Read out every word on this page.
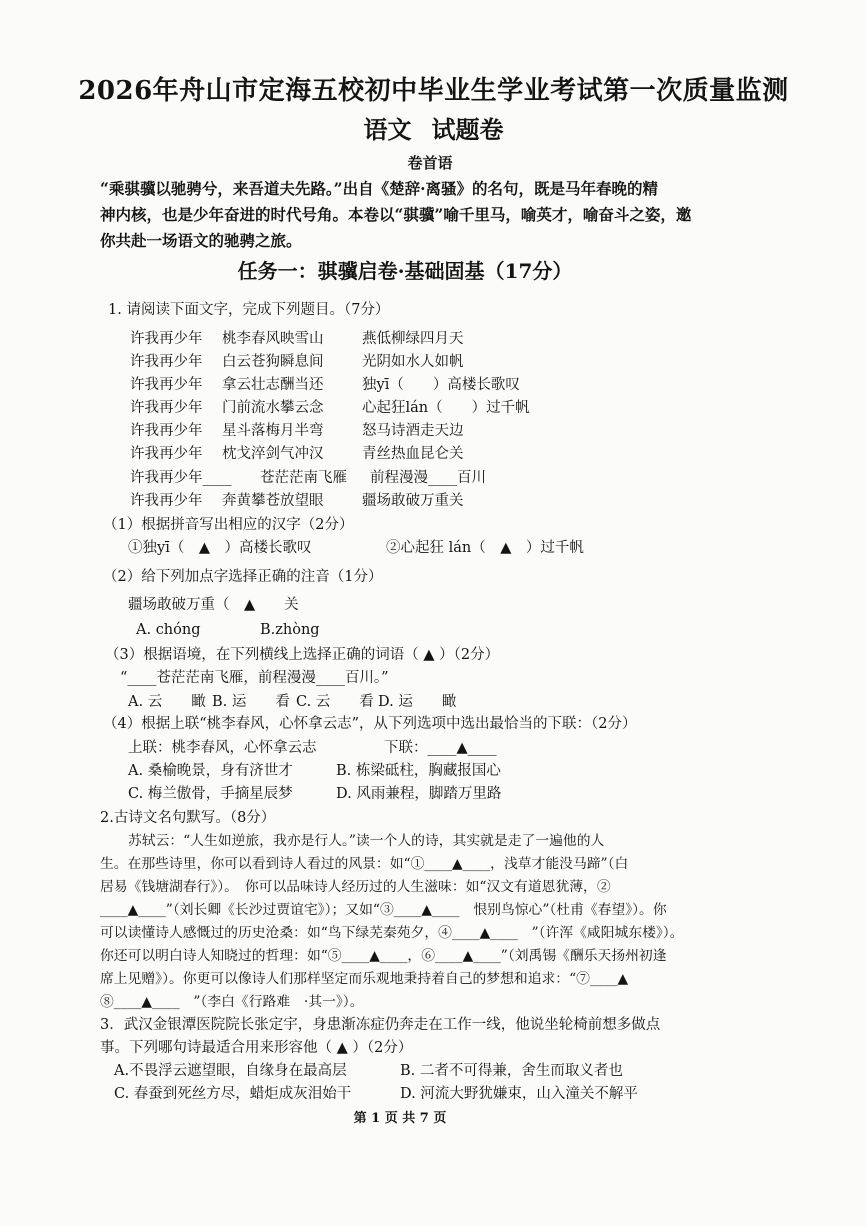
2026年舟山市定海五校初中毕业生学业考试第一次质量监测
语文 试题卷
卷首语
“乘骐骥以驰骋兮，来吾道夫先路。”出自《楚辞·离骚》的名句，既是马年春晚的精
神内核，也是少年奋进的时代号角。本卷以“骐骥”喻千里马，喻英才，喻奋斗之姿，邀
你共赴一场语文的驰骋之旅。
任务一：骐骥启卷·基础固基（17分）
1. 请阅读下面文字，完成下列题目。（7分）
许我再少年 桃李春风映雪山	燕低柳绿四月天
许我再少年 白云苍狗瞬息间	光阴如水人如帆
许我再少年 拿云壮志酬当还	独yī（　　）高楼长歌叹
许我再少年 门前流水攀云念	心起狂lán（　　）过千帆
许我再少年 星斗落梅月半弯	怒马诗酒走天边
许我再少年 枕戈淬剑气冲汉	青丝热血昆仑关
许我再少年____ 苍茫茫南飞雁 前程漫漫____百川
许我再少年 奔黄攀苍放望眼	疆场敢破万重关
（1）根据拼音写出相应的汉字（2分）
①独yī（　▲　）高楼长歌叹	②心起狂 lán（　▲　）过千帆
（2）给下列加点字选择正确的注音（1分）
疆场敢破万重（　▲　　关
A. chóng	B.zhòng
（3）根据语境，在下列横线上选择正确的词语（ ▲ ）（2分）
“____苍茫茫南飞雁，前程漫漫____百川。”
A. 云　　瞰 B. 运　　看 C. 云　　看 D. 运　　瞰
（4）根据上联“桃李春风，心怀拿云志”，从下列选项中选出最恰当的下联：（2分）
上联：桃李春风，心怀拿云志	下联：____▲____
A. 桑榆晚景，身有济世才	B. 栋梁砥柱，胸藏报国心
C. 梅兰傲骨，手摘星辰梦	D. 风雨兼程，脚踏万里路
2.古诗文名句默写。（8分）
苏轼云：“人生如逆旅，我亦是行人。”读一个人的诗，其实就是走了一遍他的人
生。在那些诗里，你可以看到诗人看过的风景：如“①____▲____，浅草才能没马蹄”（白
居易《钱塘湖春行》）。　你可以品味诗人经历过的人生滋味：如“汉文有道恩犹薄，②
____▲____”（刘长卿《长沙过贾谊宅》）；又如“③____▲____　恨别鸟惊心”（杜甫《春望》）。你
可以读懂诗人感慨过的历史沧桑：如“鸟下绿芜秦苑夕，④____▲____　”（许浑《咸阳城东楼》）。
你还可以明白诗人知晓过的哲理：如“⑤____▲____，⑥____▲____”（刘禹锡《酬乐天扬州初逢
席上见赠》）。你更可以像诗人们那样坚定而乐观地秉持着自己的梦想和追求：“⑦____▲
⑧____▲____　”（李白《行路难　·其一》）。
3．武汉金银潭医院院长张定宇，身患渐冻症仍奔走在工作一线，他说坐轮椅前想多做点
事。下列哪句诗最适合用来形容他（ ▲ ）（2分）
A.不畏浮云遮望眼，自缘身在最高层	B. 二者不可得兼，舍生而取义者也
C. 春蚕到死丝方尽，蜡炬成灰泪始干	D. 河流大野犹嫌束，山入潼关不解平
第 1 页 共 7 页
